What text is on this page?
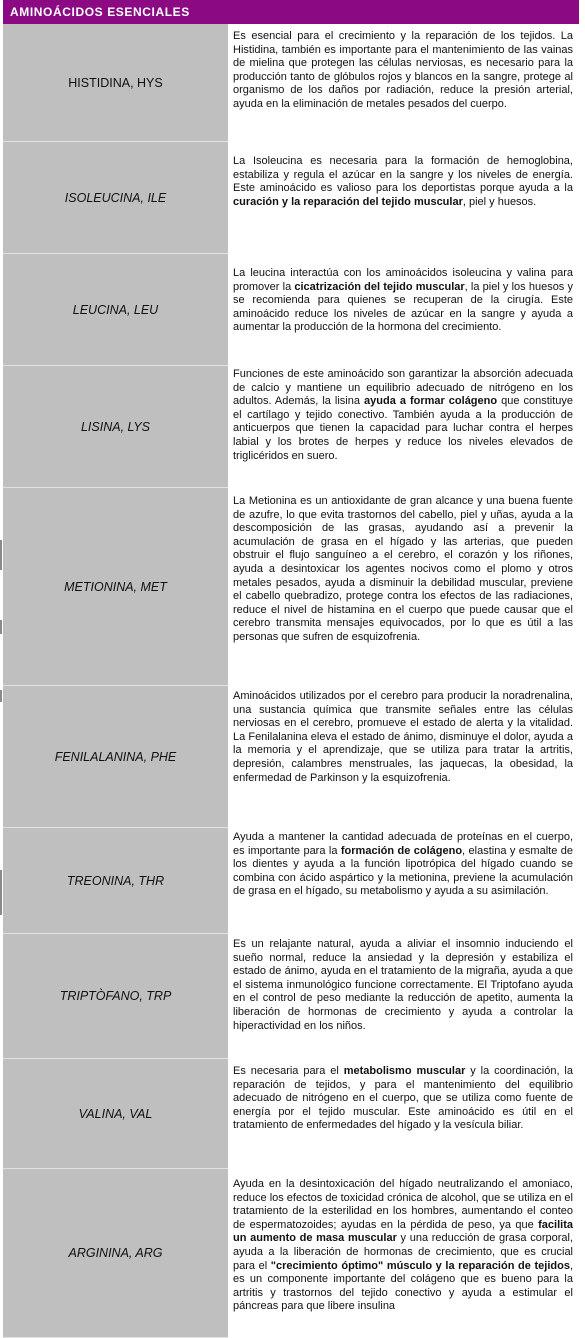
AMINOÁCIDOS ESENCIALES
HISTIDINA, HYS
Es esencial para el crecimiento y la reparación de los tejidos. La Histidina, también es importante para el mantenimiento de las vainas de mielina que protegen las células nerviosas, es necesario para la producción tanto de glóbulos rojos y blancos en la sangre, protege al organismo de los daños por radiación, reduce la presión arterial, ayuda en la eliminación de metales pesados del cuerpo.
ISOLEUCINA, ILE
La Isoleucina es necesaria para la formación de hemoglobina, estabiliza y regula el azúcar en la sangre y los niveles de energía. Este aminoácido es valioso para los deportistas porque ayuda a la curación y la reparación del tejido muscular, piel y huesos.
LEUCINA, LEU
La leucina interactúa con los aminoácidos isoleucina y valina para promover la cicatrización del tejido muscular, la piel y los huesos y se recomienda para quienes se recuperan de la cirugía. Este aminoácido reduce los niveles de azúcar en la sangre y ayuda a aumentar la producción de la hormona del crecimiento.
LISINA, LYS
Funciones de este aminoácido son garantizar la absorción adecuada de calcio y mantiene un equilibrio adecuado de nitrógeno en los adultos. Además, la lisina ayuda a formar colágeno que constituye el cartílago y tejido conectivo. También ayuda a la producción de anticuerpos que tienen la capacidad para luchar contra el herpes labial y los brotes de herpes y reduce los niveles elevados de triglicéridos en suero.
METIONINA, MET
La Metionina es un antioxidante de gran alcance y una buena fuente de azufre, lo que evita trastornos del cabello, piel y uñas, ayuda a la descomposición de las grasas, ayudando así a prevenir la acumulación de grasa en el hígado y las arterias, que pueden obstruir el flujo sanguíneo a el cerebro, el corazón y los riñones, ayuda a desintoxicar los agentes nocivos como el plomo y otros metales pesados, ayuda a disminuir la debilidad muscular, previene el cabello quebradizo, protege contra los efectos de las radiaciones, reduce el nivel de histamina en el cuerpo que puede causar que el cerebro transmita mensajes equivocados, por lo que es útil a las personas que sufren de esquizofrenia.
FENILALANINA, PHE
Aminoácidos utilizados por el cerebro para producir la noradrenalina, una sustancia química que transmite señales entre las células nerviosas en el cerebro, promueve el estado de alerta y la vitalidad. La Fenilalanina eleva el estado de ánimo, disminuye el dolor, ayuda a la memoria y el aprendizaje, que se utiliza para tratar la artritis, depresión, calambres menstruales, las jaquecas, la obesidad, la enfermedad de Parkinson y la esquizofrenia.
TREONINA, THR
Ayuda a mantener la cantidad adecuada de proteínas en el cuerpo, es importante para la formación de colágeno, elastina y esmalte de los dientes y ayuda a la función lipotrópica del hígado cuando se combina con ácido aspártico y la metionina, previene la acumulación de grasa en el hígado, su metabolismo y ayuda a su asimilación.
TRIPTÒFANO, TRP
Es un relajante natural, ayuda a aliviar el insomnio induciendo el sueño normal, reduce la ansiedad y la depresión y estabiliza el estado de ánimo, ayuda en el tratamiento de la migraña, ayuda a que el sistema inmunológico funcione correctamente. El Triptofano ayuda en el control de peso mediante la reducción de apetito, aumenta la liberación de hormonas de crecimiento y ayuda a controlar la hiperactividad en los niños.
VALINA, VAL
Es necesaria para el metabolismo muscular y la coordinación, la reparación de tejidos, y para el mantenimiento del equilibrio adecuado de nitrógeno en el cuerpo, que se utiliza como fuente de energía por el tejido muscular. Este aminoácido es útil en el tratamiento de enfermedades del hígado y la vesícula biliar.
ARGININA, ARG
Ayuda en la desintoxicación del hígado neutralizando el amoniaco, reduce los efectos de toxicidad crónica de alcohol, que se utiliza en el tratamiento de la esterilidad en los hombres, aumentando el conteo de espermatozoides; ayudas en la pérdida de peso, ya que facilita un aumento de masa muscular y una reducción de grasa corporal, ayuda a la liberación de hormonas de crecimiento, que es crucial para el "crecimiento óptimo" músculo y la reparación de tejidos, es un componente importante del colágeno que es bueno para la artritis y trastornos del tejido conectivo y ayuda a estimular el páncreas para que libere insulina
